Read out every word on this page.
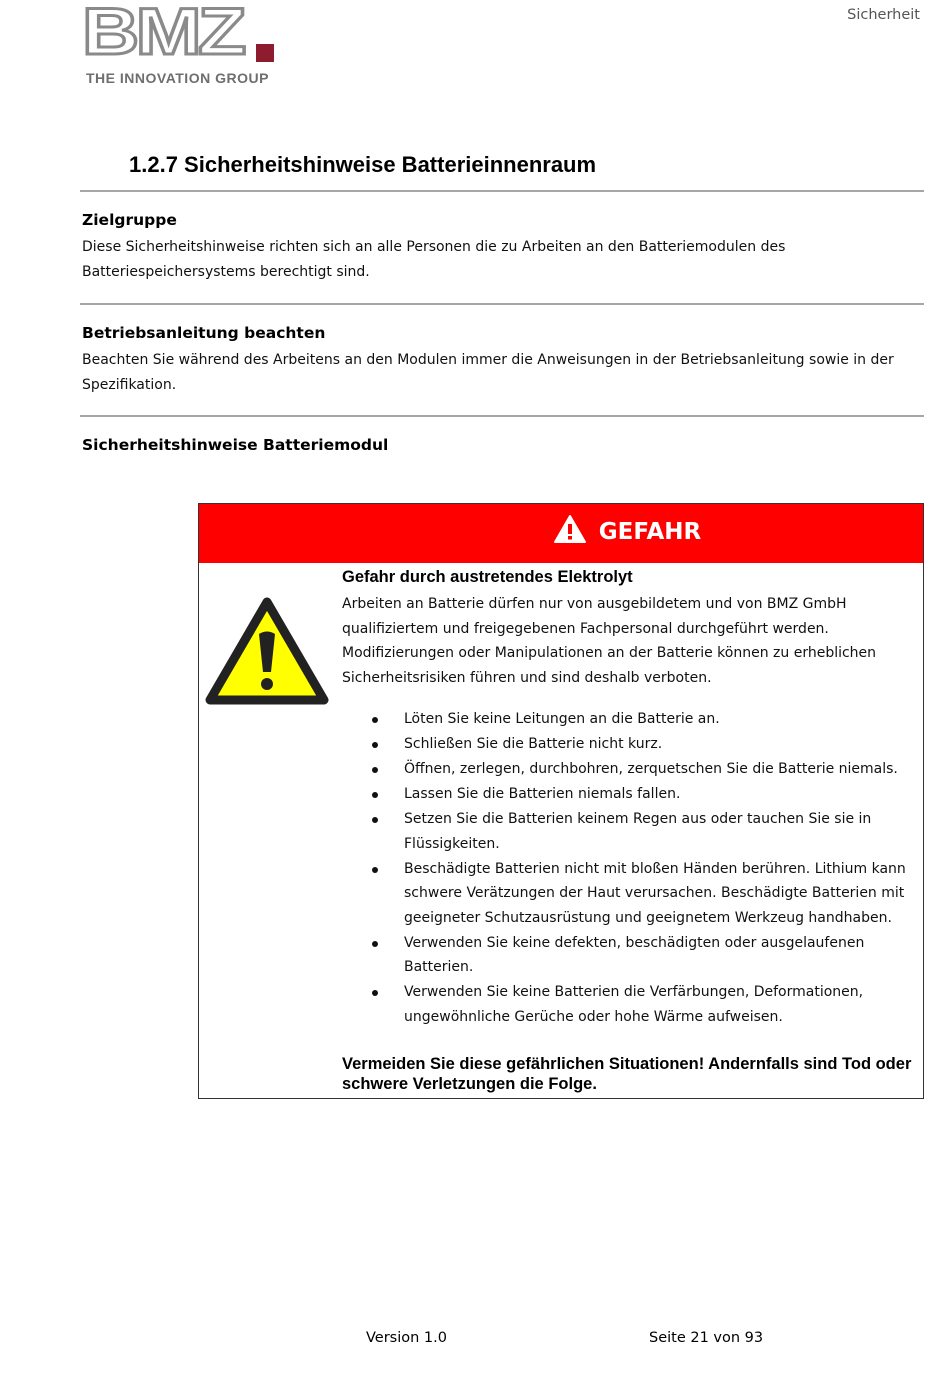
BMZ
THE INNOVATION GROUP
Sicherheit
1.2.7 Sicherheitshinweise Batterieinnenraum
Zielgruppe
Diese Sicherheitshinweise richten sich an alle Personen die zu Arbeiten an den Batteriemodulen des Batteriespeichersystems berechtigt sind.
Betriebsanleitung beachten
Beachten Sie während des Arbeitens an den Modulen immer die Anweisungen in der Betriebsanleitung sowie in der Spezifikation.
Sicherheitshinweise Batteriemodul
GEFAHR
Gefahr durch austretendes Elektrolyt
Arbeiten an Batterie dürfen nur von ausgebildetem und von BMZ GmbH qualifiziertem und freigegebenen Fachpersonal durchgeführt werden. Modifizierungen oder Manipulationen an der Batterie können zu erheblichen Sicherheitsrisiken führen und sind deshalb verboten.
Löten Sie keine Leitungen an die Batterie an.
Schließen Sie die Batterie nicht kurz.
Öffnen, zerlegen, durchbohren, zerquetschen Sie die Batterie niemals.
Lassen Sie die Batterien niemals fallen.
Setzen Sie die Batterien keinem Regen aus oder tauchen Sie sie in Flüssigkeiten.
Beschädigte Batterien nicht mit bloßen Händen berühren. Lithium kann schwere Verätzungen der Haut verursachen. Beschädigte Batterien mit geeigneter Schutzausrüstung und geeignetem Werkzeug handhaben.
Verwenden Sie keine defekten, beschädigten oder ausgelaufenen Batterien.
Verwenden Sie keine Batterien die Verfärbungen, Deformationen, ungewöhnliche Gerüche oder hohe Wärme aufweisen.
Vermeiden Sie diese gefährlichen Situationen! Andernfalls sind Tod oder schwere Verletzungen die Folge.
Version 1.0	Seite 21 von 93
